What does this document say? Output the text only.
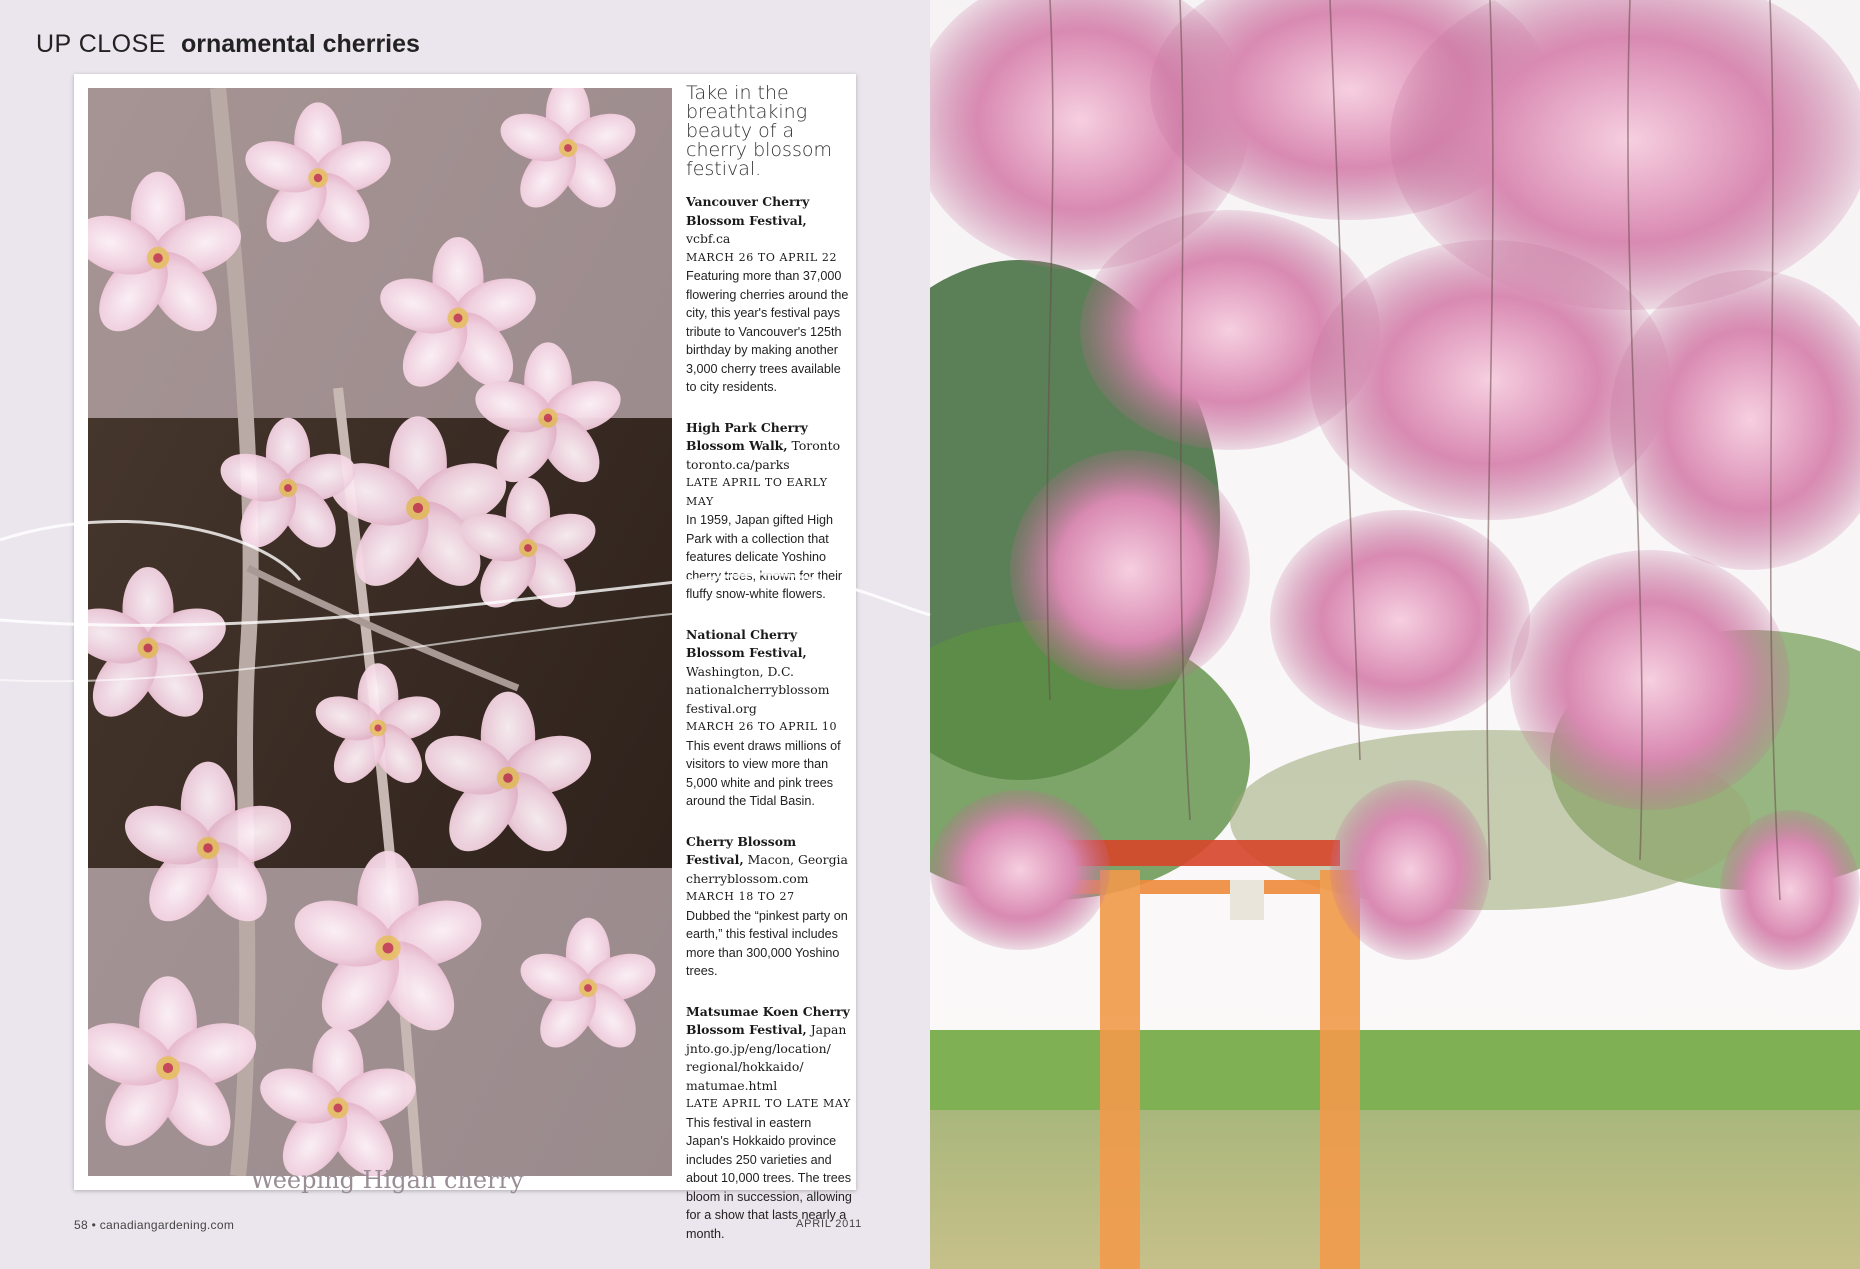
UP CLOSE ornamental cherries
Take in the breathtaking beauty of a cherry blossom festival.
Vancouver Cherry Blossom Festival, vcbf.ca
MARCH 26 TO APRIL 22
Featuring more than 37,000 flowering cherries around the city, this year's festival pays tribute to Vancouver's 125th birthday by making another 3,000 cherry trees available to city residents.
High Park Cherry Blossom Walk, Toronto
toronto.ca/parks
LATE APRIL TO EARLY MAY
In 1959, Japan gifted High Park with a collection that features delicate Yoshino cherry trees, known for their fluffy snow-white flowers.
National Cherry Blossom Festival, Washington, D.C.
nationalcherryblossom festival.org
MARCH 26 TO APRIL 10
This event draws millions of visitors to view more than 5,000 white and pink trees around the Tidal Basin.
Cherry Blossom Festival, Macon, Georgia
cherryblossom.com
MARCH 18 TO 27
Dubbed the “pinkest party on earth,” this festival includes more than 300,000 Yoshino trees.
Matsumae Koen Cherry Blossom Festival, Japan
jnto.go.jp/eng/location/ regional/hokkaido/ matumae.html
LATE APRIL TO LATE MAY
This festival in eastern Japan's Hokkaido province includes 250 varieties and about 10,000 trees. The trees bloom in succession, allowing for a show that lasts nearly a month.
Weeping Higan cherry
58 • canadiangardening.com	APRIL 2011
